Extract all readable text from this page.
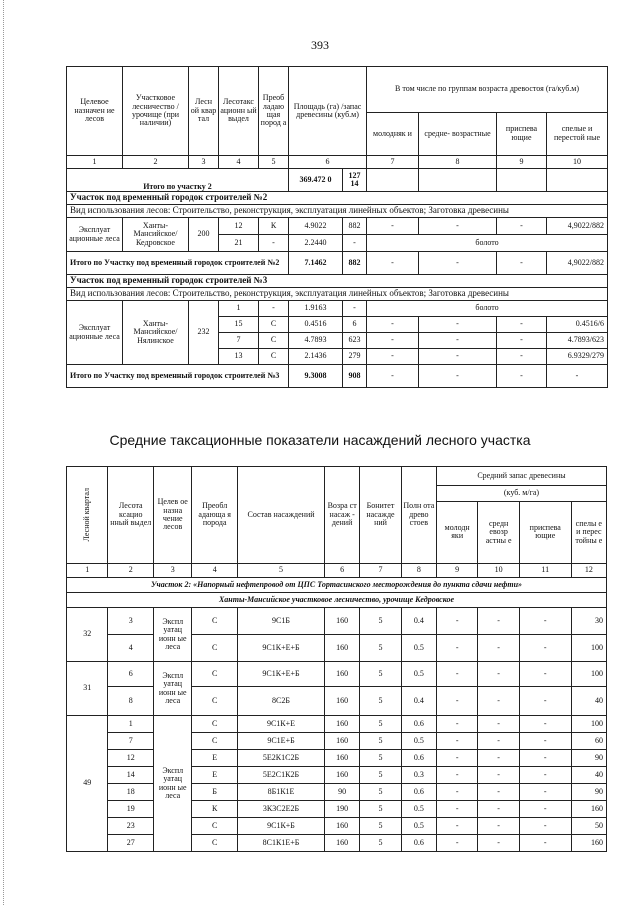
393
Целевое назначен ие лесов	Участковое лесничество /урочище (при наличии)	Лесн ой квар тал	Лесотакс ационн ый выдел	Преоб ладаю щая пород а	Площадь (га) /запас древесины (куб.м)		В том числе по группам возраста древостоя (га/куб.м)			
							молодняк и	средне- возрастные	приспева ющие	спелые и перестой ные
1	2	3	4	5	6		7	8	9	10
Итого по участку 2					369.472 0	127 14				
Участок под временный городок строителей №2										
Вид использования лесов: Строительство, реконструкция, эксплуатация линейных объектов; Заготовка древесины										
Эксплуат ационные леса	Ханты- Мансийское/ Кедровское	200	12	К	4.9022	882	-	-	-	4,9022/882
			21	-	2.2440	-	болото			
Итого по Участку под временный городок строителей №2					7.1462	882	-	-	-	4,9022/882
Участок под временный городок строителей №3										
Вид использования лесов: Строительство, реконструкция, эксплуатация линейных объектов; Заготовка древесины										
Эксплуат ационные леса	Ханты- Мансийское/ Нялинское	232	1	-	1.9163	-	болото			
			15	С	0.4516	6	-	-	-	0.4516/6
			7	С	4.7893	623	-	-	-	4.7893/623
			13	С	2.1436	279	-	-	-	6.9329/279
Итого по Участку под временный городок строителей №3					9.3008	908	-	-	-	-
Средние таксационные показатели насаждений лесного участка
Лесной квартал	Лесота ксацио нный выдел	Целев ое назна чение лесов	Преобл адающа я порода	Состав насаждений	Возра ст насаж - дений	Бонитет насажде ний	Полн ота древо стоев	Средний запас древесины			
								(куб. м/га)			
								молодн яки	средн евозр астны е	приспева ющие	спелы е и перес тойны е
1	2	3	4	5	6	7	8	9	10	11	12
Участок 2: «Напорный нефтепровод от ЦПС Тортасинского месторождения до пункта сдачи нефти»											
Ханты-Мансийское участковое лесничество, урочище Кедровское											
32	3	Экспл уатац ионн ые леса	С	9С1Б	160	5	0.4	-	-	-	30
	4		С	9С1К+Е+Б	160	5	0.5	-	-	-	100
31	6	Экспл уатац ионн ые леса	С	9С1К+Е+Б	160	5	0.5	-	-	-	100
	8		С	8С2Б	160	5	0.4	-	-	-	40
49	1	Экспл уатац ионн ые леса	С	9С1К+Е	160	5	0.6	-	-	-	100
	7		С	9С1Е+Б	160	5	0.5	-	-	-	60
	12		Е	5Е2К1С2Б	160	5	0.6	-	-	-	90
	14		Е	5Е2С1К2Б	160	5	0.3	-	-	-	40
	18		Б	8Б1К1Е	90	5	0.6	-	-	-	90
	19		К	3К3С2Е2Б	190	5	0.5	-	-	-	160
	23		С	9С1К+Б	160	5	0.5	-	-	-	50
	27		С	8С1К1Е+Б	160	5	0.6	-	-	-	160
